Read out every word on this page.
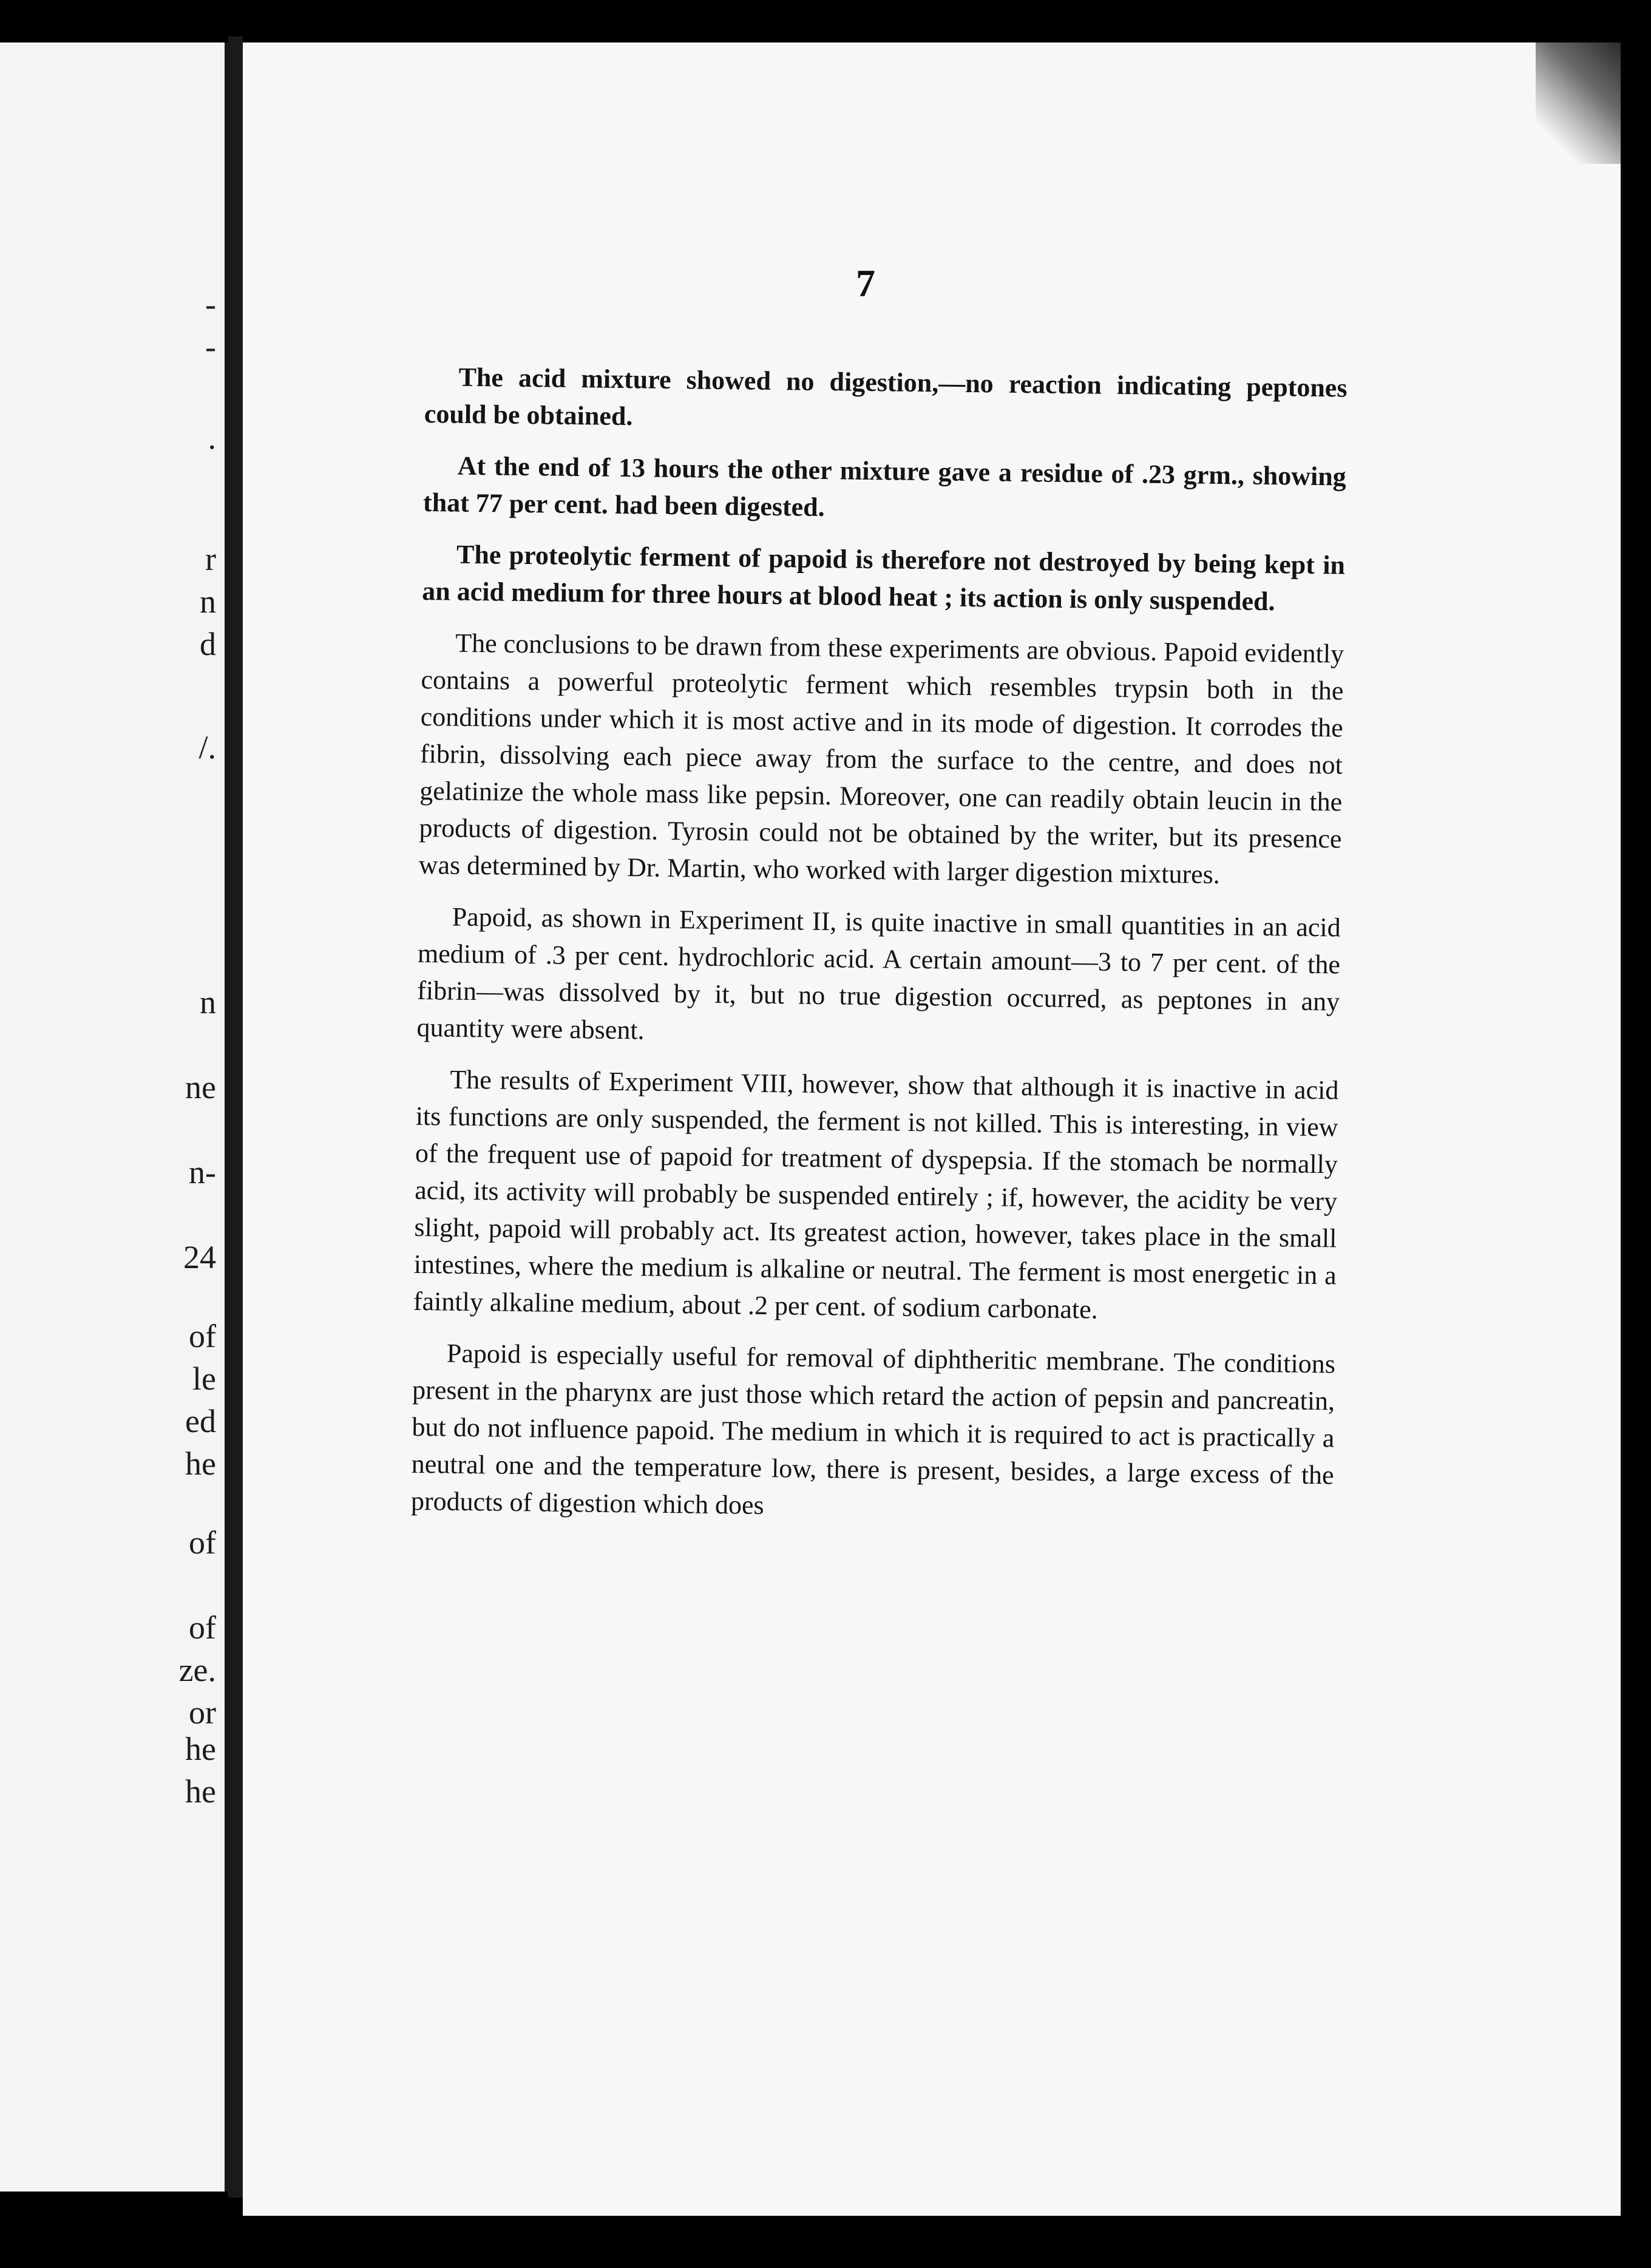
-
-
.
r
n
d
/.
n
ne
n-
24
of
le
ed
he
of
of
ze.
or
he
he
7

The acid mixture showed no digestion,—no reaction indicating peptones could be obtained.

At the end of 13 hours the other mixture gave a residue of .23 grm., showing that 77 per cent. had been digested.

The proteolytic ferment of papoid is therefore not destroyed by being kept in an acid medium for three hours at blood heat ; its action is only suspended.

The conclusions to be drawn from these experiments are obvious. Papoid evidently contains a powerful proteolytic ferment which resembles trypsin both in the conditions under which it is most active and in its mode of digestion. It corrodes the fibrin, dissolving each piece away from the surface to the centre, and does not gelatinize the whole mass like pepsin. Moreover, one can readily obtain leucin in the products of digestion. Tyrosin could not be obtained by the writer, but its presence was determined by Dr. Martin, who worked with larger digestion mixtures.

Papoid, as shown in Experiment II, is quite inactive in small quantities in an acid medium of .3 per cent. hydrochloric acid. A certain amount—3 to 7 per cent. of the fibrin—was dissolved by it, but no true digestion occurred, as peptones in any quantity were absent.

The results of Experiment VIII, however, show that although it is inactive in acid its functions are only suspended, the ferment is not killed. This is interesting, in view of the frequent use of papoid for treatment of dyspepsia. If the stomach be normally acid, its activity will probably be suspended entirely ; if, however, the acidity be very slight, papoid will probably act. Its greatest action, however, takes place in the small intestines, where the medium is alkaline or neutral. The ferment is most energetic in a faintly alkaline medium, about .2 per cent. of sodium carbonate.

Papoid is especially useful for removal of diphtheritic membrane. The conditions present in the pharynx are just those which retard the action of pepsin and pancreatin, but do not influence papoid. The medium in which it is required to act is practically a neutral one and the temperature low, there is present, besides, a large excess of the products of digestion which does
